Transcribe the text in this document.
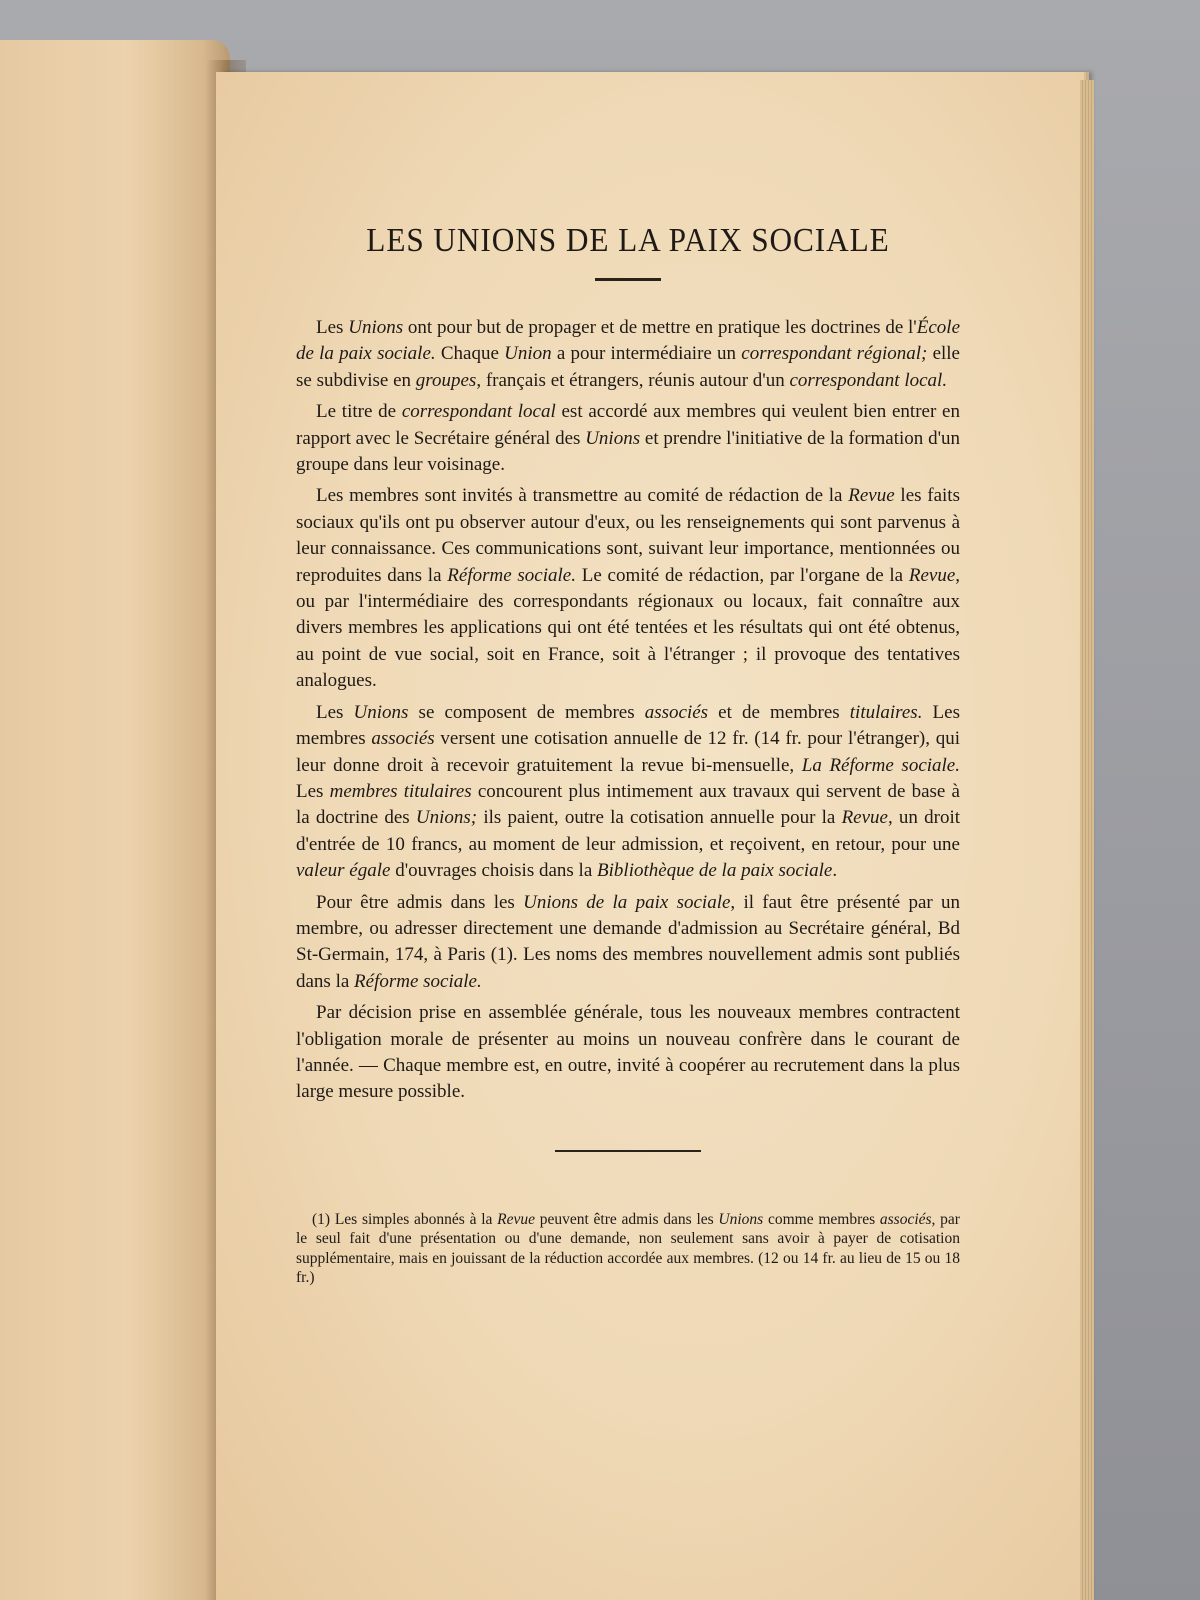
LES UNIONS DE LA PAIX SOCIALE

Les Unions ont pour but de propager et de mettre en pratique les doctrines de l'École de la paix sociale. Chaque Union a pour intermédiaire un correspondant régional; elle se subdivise en groupes, français et étrangers, réunis autour d'un correspondant local.

Le titre de correspondant local est accordé aux membres qui veulent bien entrer en rapport avec le Secrétaire général des Unions et prendre l'initiative de la formation d'un groupe dans leur voisinage.

Les membres sont invités à transmettre au comité de rédaction de la Revue les faits sociaux qu'ils ont pu observer autour d'eux, ou les renseignements qui sont parvenus à leur connaissance. Ces communications sont, suivant leur importance, mentionnées ou reproduites dans la Réforme sociale. Le comité de rédaction, par l'organe de la Revue, ou par l'intermédiaire des correspondants régionaux ou locaux, fait connaître aux divers membres les applications qui ont été tentées et les résultats qui ont été obtenus, au point de vue social, soit en France, soit à l'étranger ; il provoque des tentatives analogues.

Les Unions se composent de membres associés et de membres titulaires. Les membres associés versent une cotisation annuelle de 12 fr. (14 fr. pour l'étranger), qui leur donne droit à recevoir gratuitement la revue bi-mensuelle, La Réforme sociale. Les membres titulaires concourent plus intimement aux travaux qui servent de base à la doctrine des Unions; ils paient, outre la cotisation annuelle pour la Revue, un droit d'entrée de 10 francs, au moment de leur admission, et reçoivent, en retour, pour une valeur égale d'ouvrages choisis dans la Bibliothèque de la paix sociale.

Pour être admis dans les Unions de la paix sociale, il faut être présenté par un membre, ou adresser directement une demande d'admission au Secrétaire général, Bd St-Germain, 174, à Paris (1). Les noms des membres nouvellement admis sont publiés dans la Réforme sociale.

Par décision prise en assemblée générale, tous les nouveaux membres contractent l'obligation morale de présenter au moins un nouveau confrère dans le courant de l'année. — Chaque membre est, en outre, invité à coopérer au recrutement dans la plus large mesure possible.

(1) Les simples abonnés à la Revue peuvent être admis dans les Unions comme membres associés, par le seul fait d'une présentation ou d'une demande, non seulement sans avoir à payer de cotisation supplémentaire, mais en jouissant de la réduction accordée aux membres. (12 ou 14 fr. au lieu de 15 ou 18 fr.)
